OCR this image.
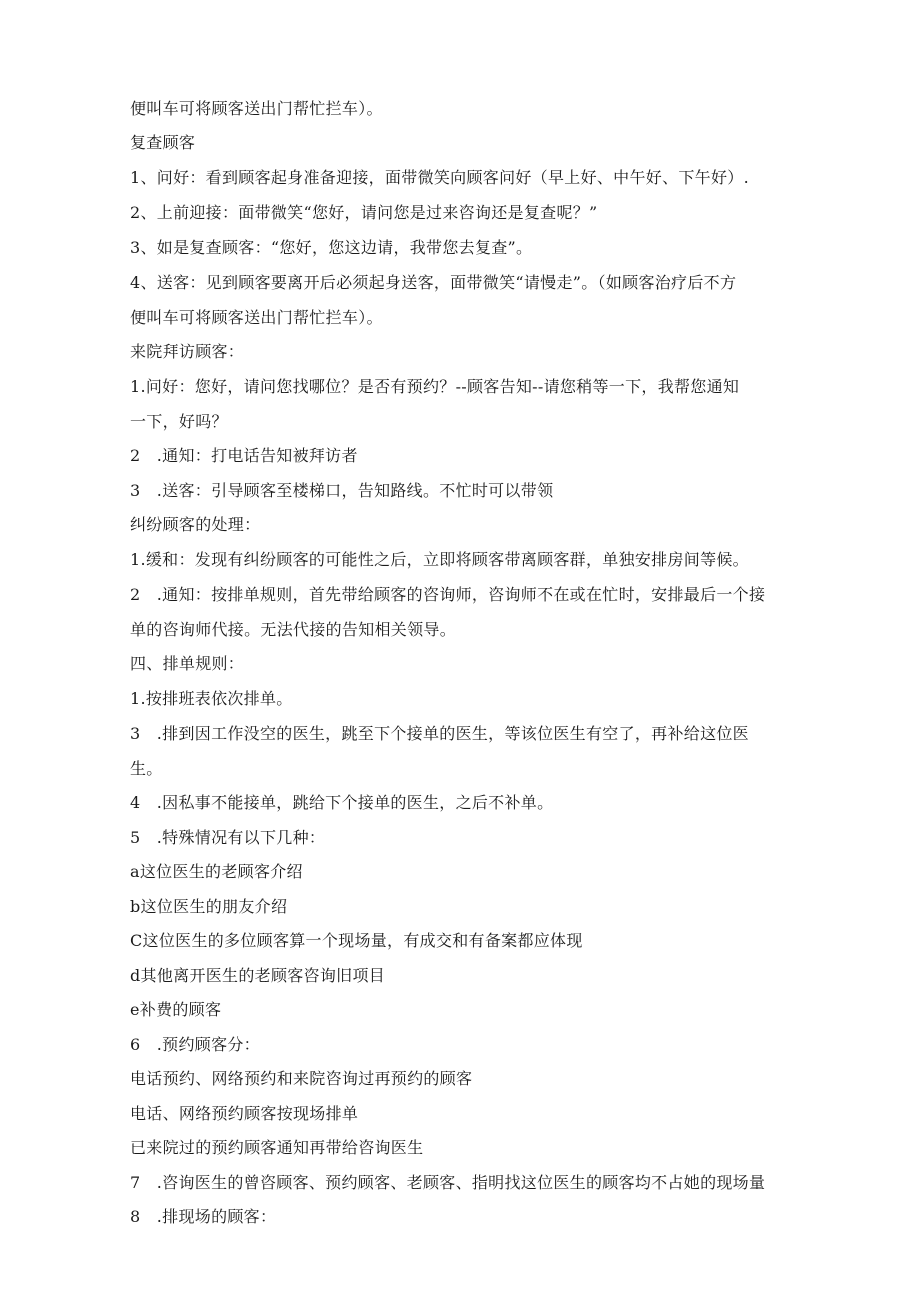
便叫车可将顾客送出门帮忙拦车）。
复查顾客
1、问好：看到顾客起身准备迎接，面带微笑向顾客问好（早上好、中午好、下午好）.
2、上前迎接：面带微笑“您好，请问您是过来咨询还是复查呢？”
3、如是复查顾客：“您好，您这边请，我带您去复查”。
4、送客：见到顾客要离开后必须起身送客，面带微笑“请慢走”。（如顾客治疗后不方
便叫车可将顾客送出门帮忙拦车）。
来院拜访顾客：
1.问好：您好，请问您找哪位？是否有预约？--顾客告知--请您稍等一下，我帮您通知
一下，好吗？
2　.通知：打电话告知被拜访者
3　.送客：引导顾客至楼梯口，告知路线。不忙时可以带领
纠纷顾客的处理：
1.缓和：发现有纠纷顾客的可能性之后，立即将顾客带离顾客群，单独安排房间等候。
2　.通知：按排单规则，首先带给顾客的咨询师，咨询师不在或在忙时，安排最后一个接
单的咨询师代接。无法代接的告知相关领导。
四、排单规则：
1.按排班表依次排单。
3　.排到因工作没空的医生，跳至下个接单的医生，等该位医生有空了，再补给这位医
生。
4　.因私事不能接单，跳给下个接单的医生，之后不补单。
5　.特殊情况有以下几种：
a这位医生的老顾客介绍
b这位医生的朋友介绍
C这位医生的多位顾客算一个现场量，有成交和有备案都应体现
d其他离开医生的老顾客咨询旧项目
e补费的顾客
6　.预约顾客分：
电话预约、网络预约和来院咨询过再预约的顾客
电话、网络预约顾客按现场排单
已来院过的预约顾客通知再带给咨询医生
7　.咨询医生的曾咨顾客、预约顾客、老顾客、指明找这位医生的顾客均不占她的现场量
8　.排现场的顾客：
